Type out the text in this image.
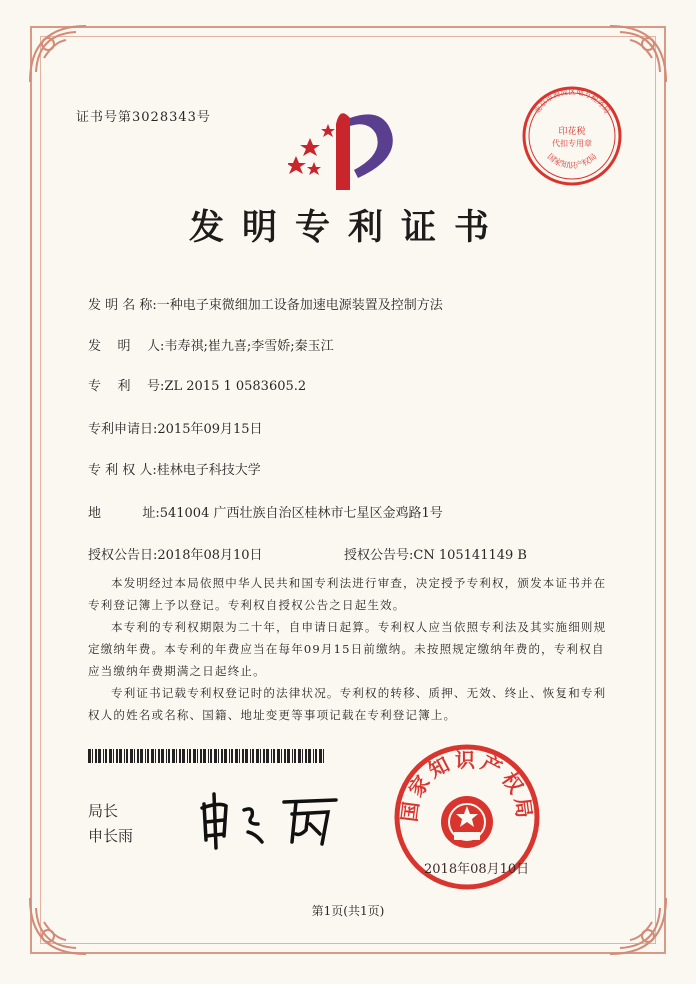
证书号第3028343号
发明专利证书
发 明 名 称:一种电子束微细加工设备加速电源装置及控制方法
发    明    人:韦寿祺;崔九喜;李雪娇;秦玉江
专    利    号:ZL 2015 1 0583605.2
专利申请日:2015年09月15日
专 利 权 人:桂林电子科技大学
地          址:541004 广西壮族自治区桂林市七星区金鸡路1号
授权公告日:2018年08月10日	授权公告号:CN 105141149 B

本发明经过本局依照中华人民共和国专利法进行审查，决定授予专利权，颁发本证书并在专利登记簿上予以登记。专利权自授权公告之日起生效。

本专利的专利权期限为二十年，自申请日起算。专利权人应当依照专利法及其实施细则规定缴纳年费。本专利的年费应当在每年09月15日前缴纳。未按照规定缴纳年费的，专利权自应当缴纳年费期满之日起终止。

专利证书记载专利权登记时的法律状况。专利权的转移、质押、无效、终止、恢复和专利权人的姓名或名称、国籍、地址变更等事项记载在专利登记簿上。

局长
申长雨
国家知识产权局
2018年08月10日
北京市海淀区地方税务局
印花税
代扣专用章
国家知识产权局
第1页(共1页)
